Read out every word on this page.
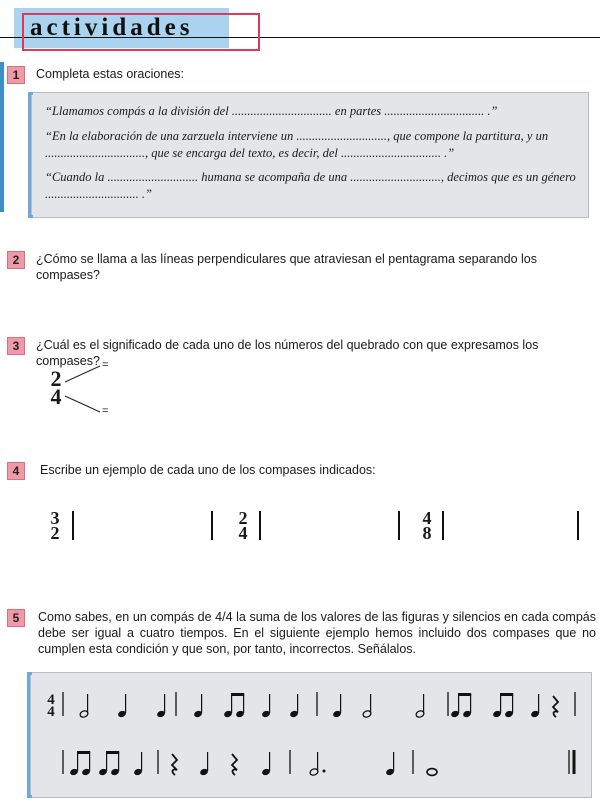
actividades
1	Completa estas oraciones:
“Llamamos compás a la división del ................................ en partes ................................ .”
“En la elaboración de una zarzuela interviene un ............................., que compone la partitura, y un ................................, que se encarga del texto, es decir, del ................................ .”
“Cuando la ............................. humana se acompaña de una ............................., decimos que es un género .............................. .”
2	¿Cómo se llama a las líneas perpendiculares que atraviesan el pentagrama separando los compases?
3	¿Cuál es el significado de cada uno de los números del quebrado con que expresamos los compases?
2
4
=
=
4	Escribe un ejemplo de cada uno de los compases indicados:
3
2
2
4
4
8
5	Como sabes, en un compás de 4/4 la suma de los valores de las figuras y silencios en cada compás debe ser igual a cuatro tiempos. En el siguiente ejemplo hemos incluido dos compases que no cumplen esta condición y que son, por tanto, incorrectos. Señálalos.
4
4
